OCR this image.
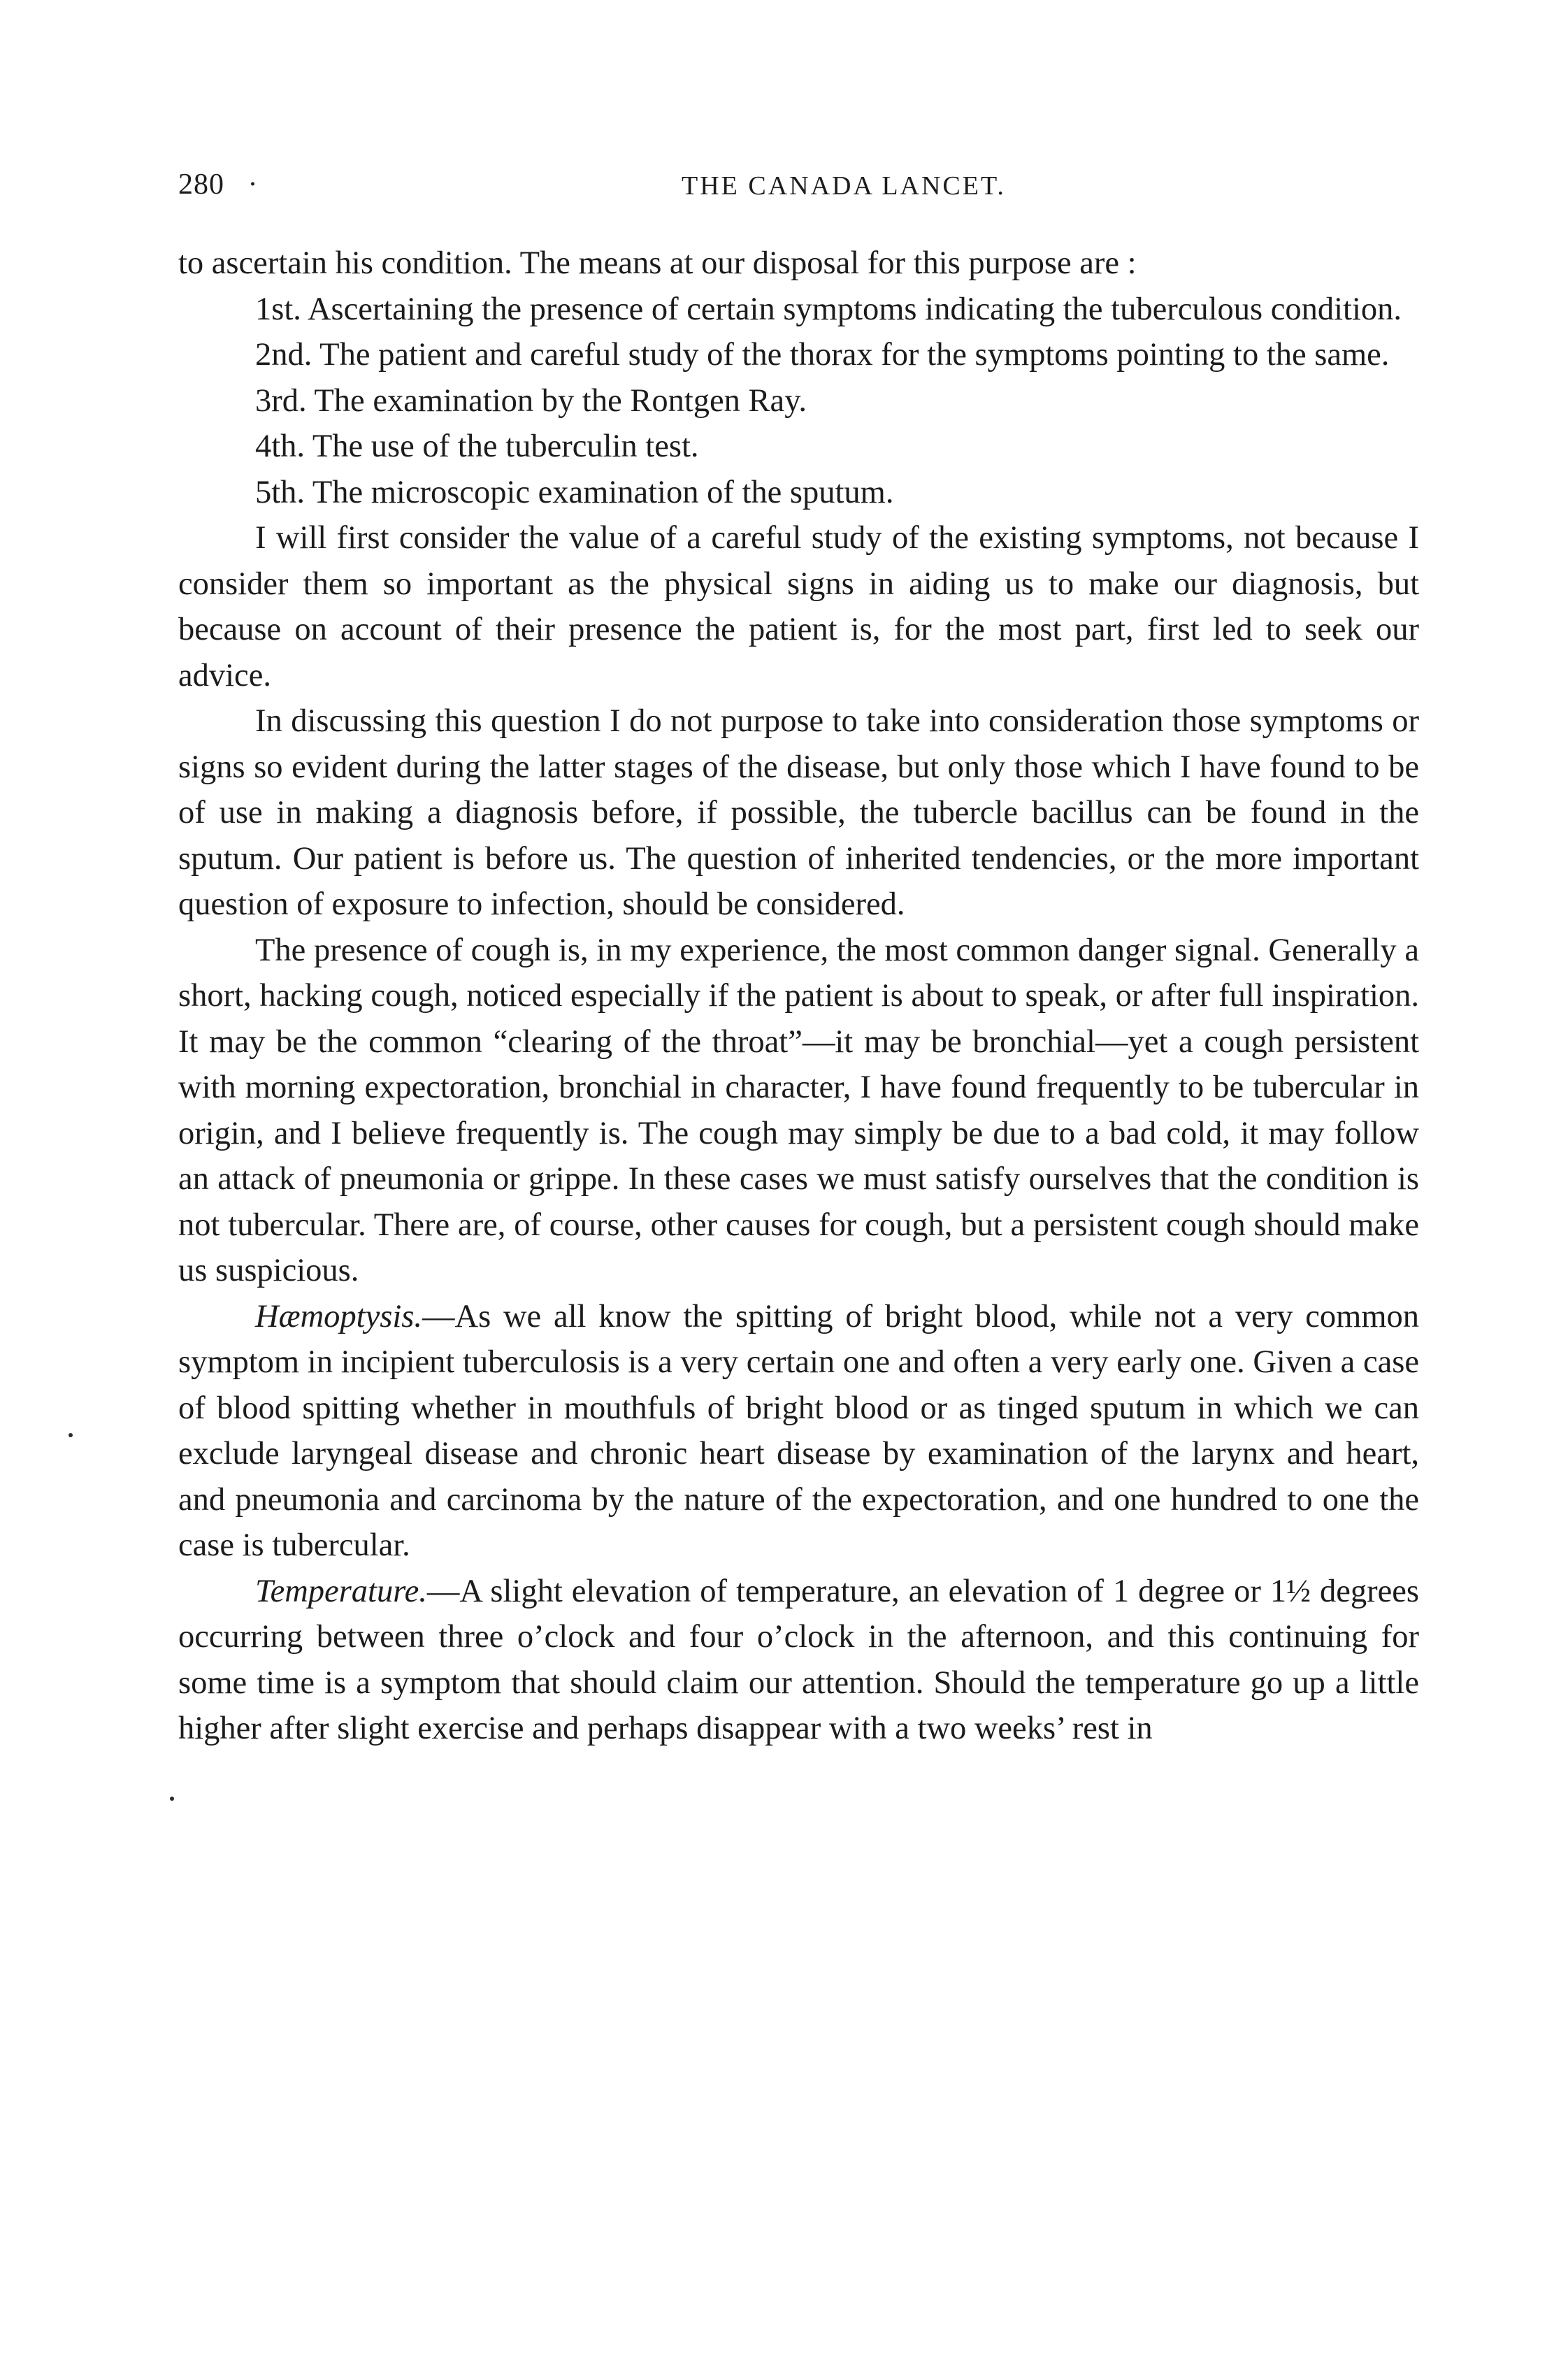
280 ·	THE CANADA LANCET.

to ascertain his condition. The means at our disposal for this purpose are :

1st. Ascertaining the presence of certain symptoms indicating the tuberculous condition.

2nd. The patient and careful study of the thorax for the symptoms pointing to the same.

3rd. The examination by the Rontgen Ray.

4th. The use of the tuberculin test.

5th. The microscopic examination of the sputum.

I will first consider the value of a careful study of the existing symptoms, not because I consider them so important as the physical signs in aiding us to make our diagnosis, but because on account of their presence the patient is, for the most part, first led to seek our advice.

In discussing this question I do not purpose to take into consideration those symptoms or signs so evident during the latter stages of the disease, but only those which I have found to be of use in making a diagnosis before, if possible, the tubercle bacillus can be found in the sputum. Our patient is before us. The question of inherited tendencies, or the more important question of exposure to infection, should be considered.

The presence of cough is, in my experience, the most common danger signal. Generally a short, hacking cough, noticed especially if the patient is about to speak, or after full inspiration. It may be the common “clearing of the throat”—it may be bronchial—yet a cough persistent with morning expectoration, bronchial in character, I have found frequently to be tubercular in origin, and I believe frequently is. The cough may simply be due to a bad cold, it may follow an attack of pneumonia or grippe. In these cases we must satisfy ourselves that the condition is not tubercular. There are, of course, other causes for cough, but a persistent cough should make us suspicious.

Hæmoptysis.—As we all know the spitting of bright blood, while not a very common symptom in incipient tuberculosis is a very certain one and often a very early one. Given a case of blood spitting whether in mouthfuls of bright blood or as tinged sputum in which we can exclude laryngeal disease and chronic heart disease by examination of the larynx and heart, and pneumonia and carcinoma by the nature of the expectoration, and one hundred to one the case is tubercular.

Temperature.—A slight elevation of temperature, an elevation of 1 degree or 1½ degrees occurring between three o’clock and four o’clock in the afternoon, and this continuing for some time is a symptom that should claim our attention. Should the temperature go up a little higher after slight exercise and perhaps disappear with a two weeks’ rest in
